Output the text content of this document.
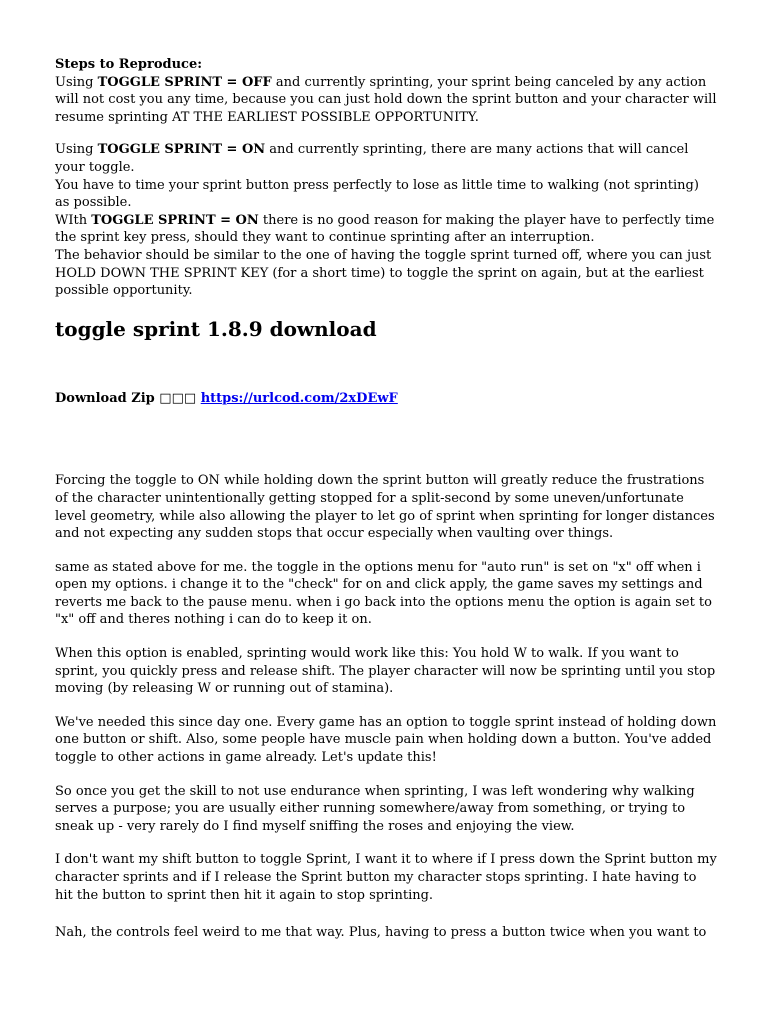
Steps to Reproduce:

Using TOGGLE SPRINT = OFF and currently sprinting, your sprint being canceled by any action will not cost you any time, because you can just hold down the sprint button and your character will resume sprinting AT THE EARLIEST POSSIBLE OPPORTUNITY.

Using TOGGLE SPRINT = ON and currently sprinting, there are many actions that will cancel your toggle.

You have to time your sprint button press perfectly to lose as little time to walking (not sprinting) as possible.

WIth TOGGLE SPRINT = ON there is no good reason for making the player have to perfectly time the sprint key press, should they want to continue sprinting after an interruption.

The behavior should be similar to the one of having the toggle sprint turned off, where you can just HOLD DOWN THE SPRINT KEY (for a short time) to toggle the sprint on again, but at the earliest possible opportunity.

toggle sprint 1.8.9 download

Download Zip □□□ https://urlcod.com/2xDEwF

Forcing the toggle to ON while holding down the sprint button will greatly reduce the frustrations of the character unintentionally getting stopped for a split-second by some uneven/unfortunate level geometry, while also allowing the player to let go of sprint when sprinting for longer distances and not expecting any sudden stops that occur especially when vaulting over things.

same as stated above for me. the toggle in the options menu for "auto run" is set on "x" off when i open my options. i change it to the "check" for on and click apply, the game saves my settings and reverts me back to the pause menu. when i go back into the options menu the option is again set to "x" off and theres nothing i can do to keep it on.

When this option is enabled, sprinting would work like this: You hold W to walk. If you want to sprint, you quickly press and release shift. The player character will now be sprinting until you stop moving (by releasing W or running out of stamina).

We've needed this since day one. Every game has an option to toggle sprint instead of holding down one button or shift. Also, some people have muscle pain when holding down a button. You've added toggle to other actions in game already. Let's update this!

So once you get the skill to not use endurance when sprinting, I was left wondering why walking serves a purpose; you are usually either running somewhere/away from something, or trying to sneak up - very rarely do I find myself sniffing the roses and enjoying the view.

I don't want my shift button to toggle Sprint, I want it to where if I press down the Sprint button my character sprints and if I release the Sprint button my character stops sprinting. I hate having to hit the button to sprint then hit it again to stop sprinting.

Nah, the controls feel weird to me that way. Plus, having to press a button twice when you want to
